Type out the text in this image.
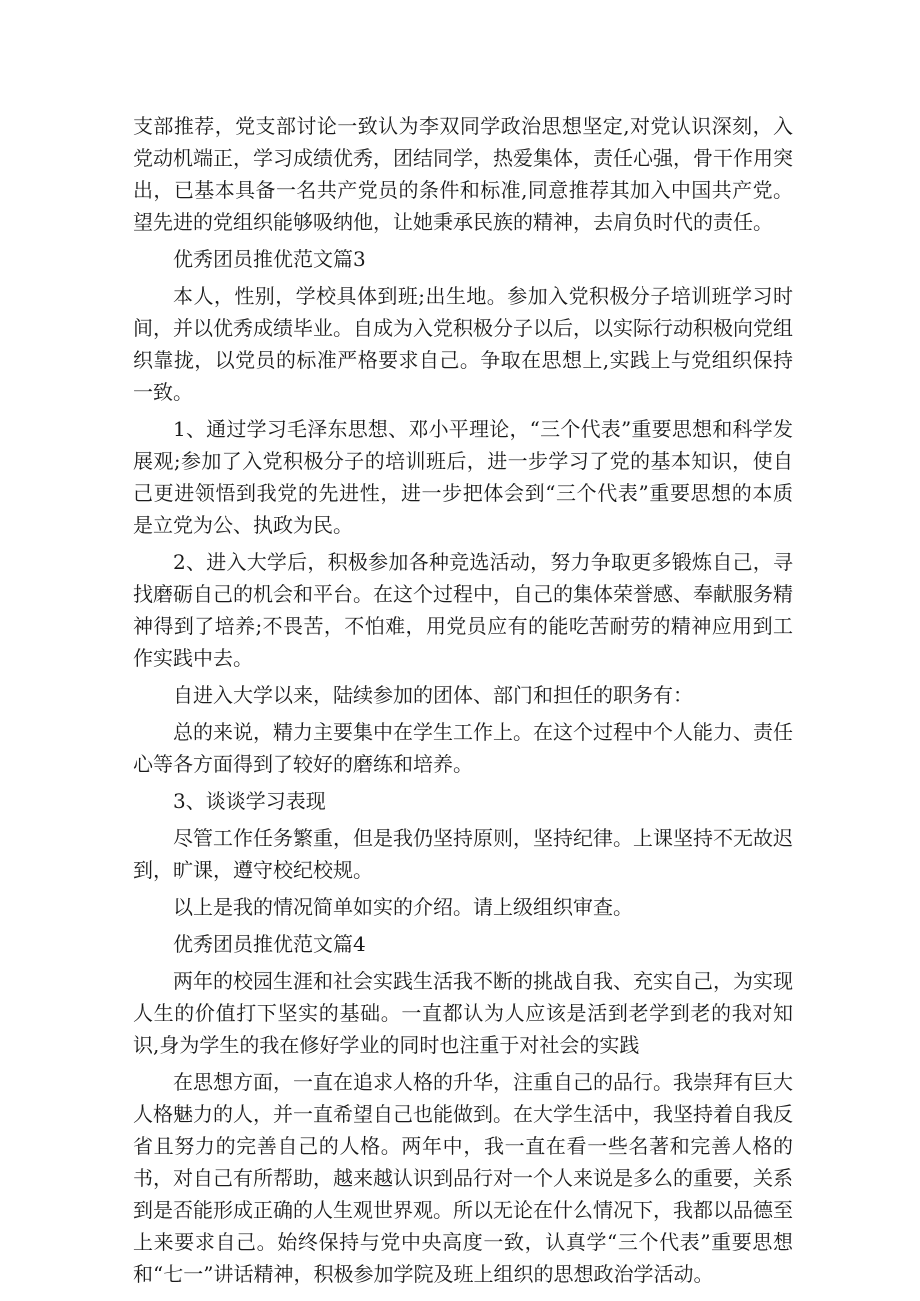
支部推荐，党支部讨论一致认为李双同学政治思想坚定,对党认识深刻，入党动机端正，学习成绩优秀，团结同学，热爱集体，责任心强，骨干作用突出，已基本具备一名共产党员的条件和标准,同意推荐其加入中国共产党。望先进的党组织能够吸纳他，让她秉承民族的精神，去肩负时代的责任。

优秀团员推优范文篇3

本人，性别，学校具体到班;出生地。参加入党积极分子培训班学习时间，并以优秀成绩毕业。自成为入党积极分子以后，以实际行动积极向党组织靠拢，以党员的标准严格要求自己。争取在思想上,实践上与党组织保持一致。

1、通过学习毛泽东思想、邓小平理论，“三个代表”重要思想和科学发展观;参加了入党积极分子的培训班后，进一步学习了党的基本知识，使自己更进领悟到我党的先进性，进一步把体会到“三个代表”重要思想的本质是立党为公、执政为民。

2、进入大学后，积极参加各种竞选活动，努力争取更多锻炼自己，寻找磨砺自己的机会和平台。在这个过程中，自己的集体荣誉感、奉献服务精神得到了培养;不畏苦，不怕难，用党员应有的能吃苦耐劳的精神应用到工作实践中去。

自进入大学以来，陆续参加的团体、部门和担任的职务有：

总的来说，精力主要集中在学生工作上。在这个过程中个人能力、责任心等各方面得到了较好的磨练和培养。

3、谈谈学习表现

尽管工作任务繁重，但是我仍坚持原则，坚持纪律。上课坚持不无故迟到，旷课，遵守校纪校规。

以上是我的情况简单如实的介绍。请上级组织审查。

优秀团员推优范文篇4

两年的校园生涯和社会实践生活我不断的挑战自我、充实自己，为实现人生的价值打下坚实的基础。一直都认为人应该是活到老学到老的我对知识,身为学生的我在修好学业的同时也注重于对社会的实践

在思想方面，一直在追求人格的升华，注重自己的品行。我崇拜有巨大人格魅力的人，并一直希望自己也能做到。在大学生活中，我坚持着自我反省且努力的完善自己的人格。两年中，我一直在看一些名著和完善人格的书，对自己有所帮助，越来越认识到品行对一个人来说是多么的重要，关系到是否能形成正确的人生观世界观。所以无论在什么情况下，我都以品德至上来要求自己。始终保持与党中央高度一致，认真学“三个代表”重要思想和“七一”讲话精神，积极参加学院及班上组织的思想政治学活动。
